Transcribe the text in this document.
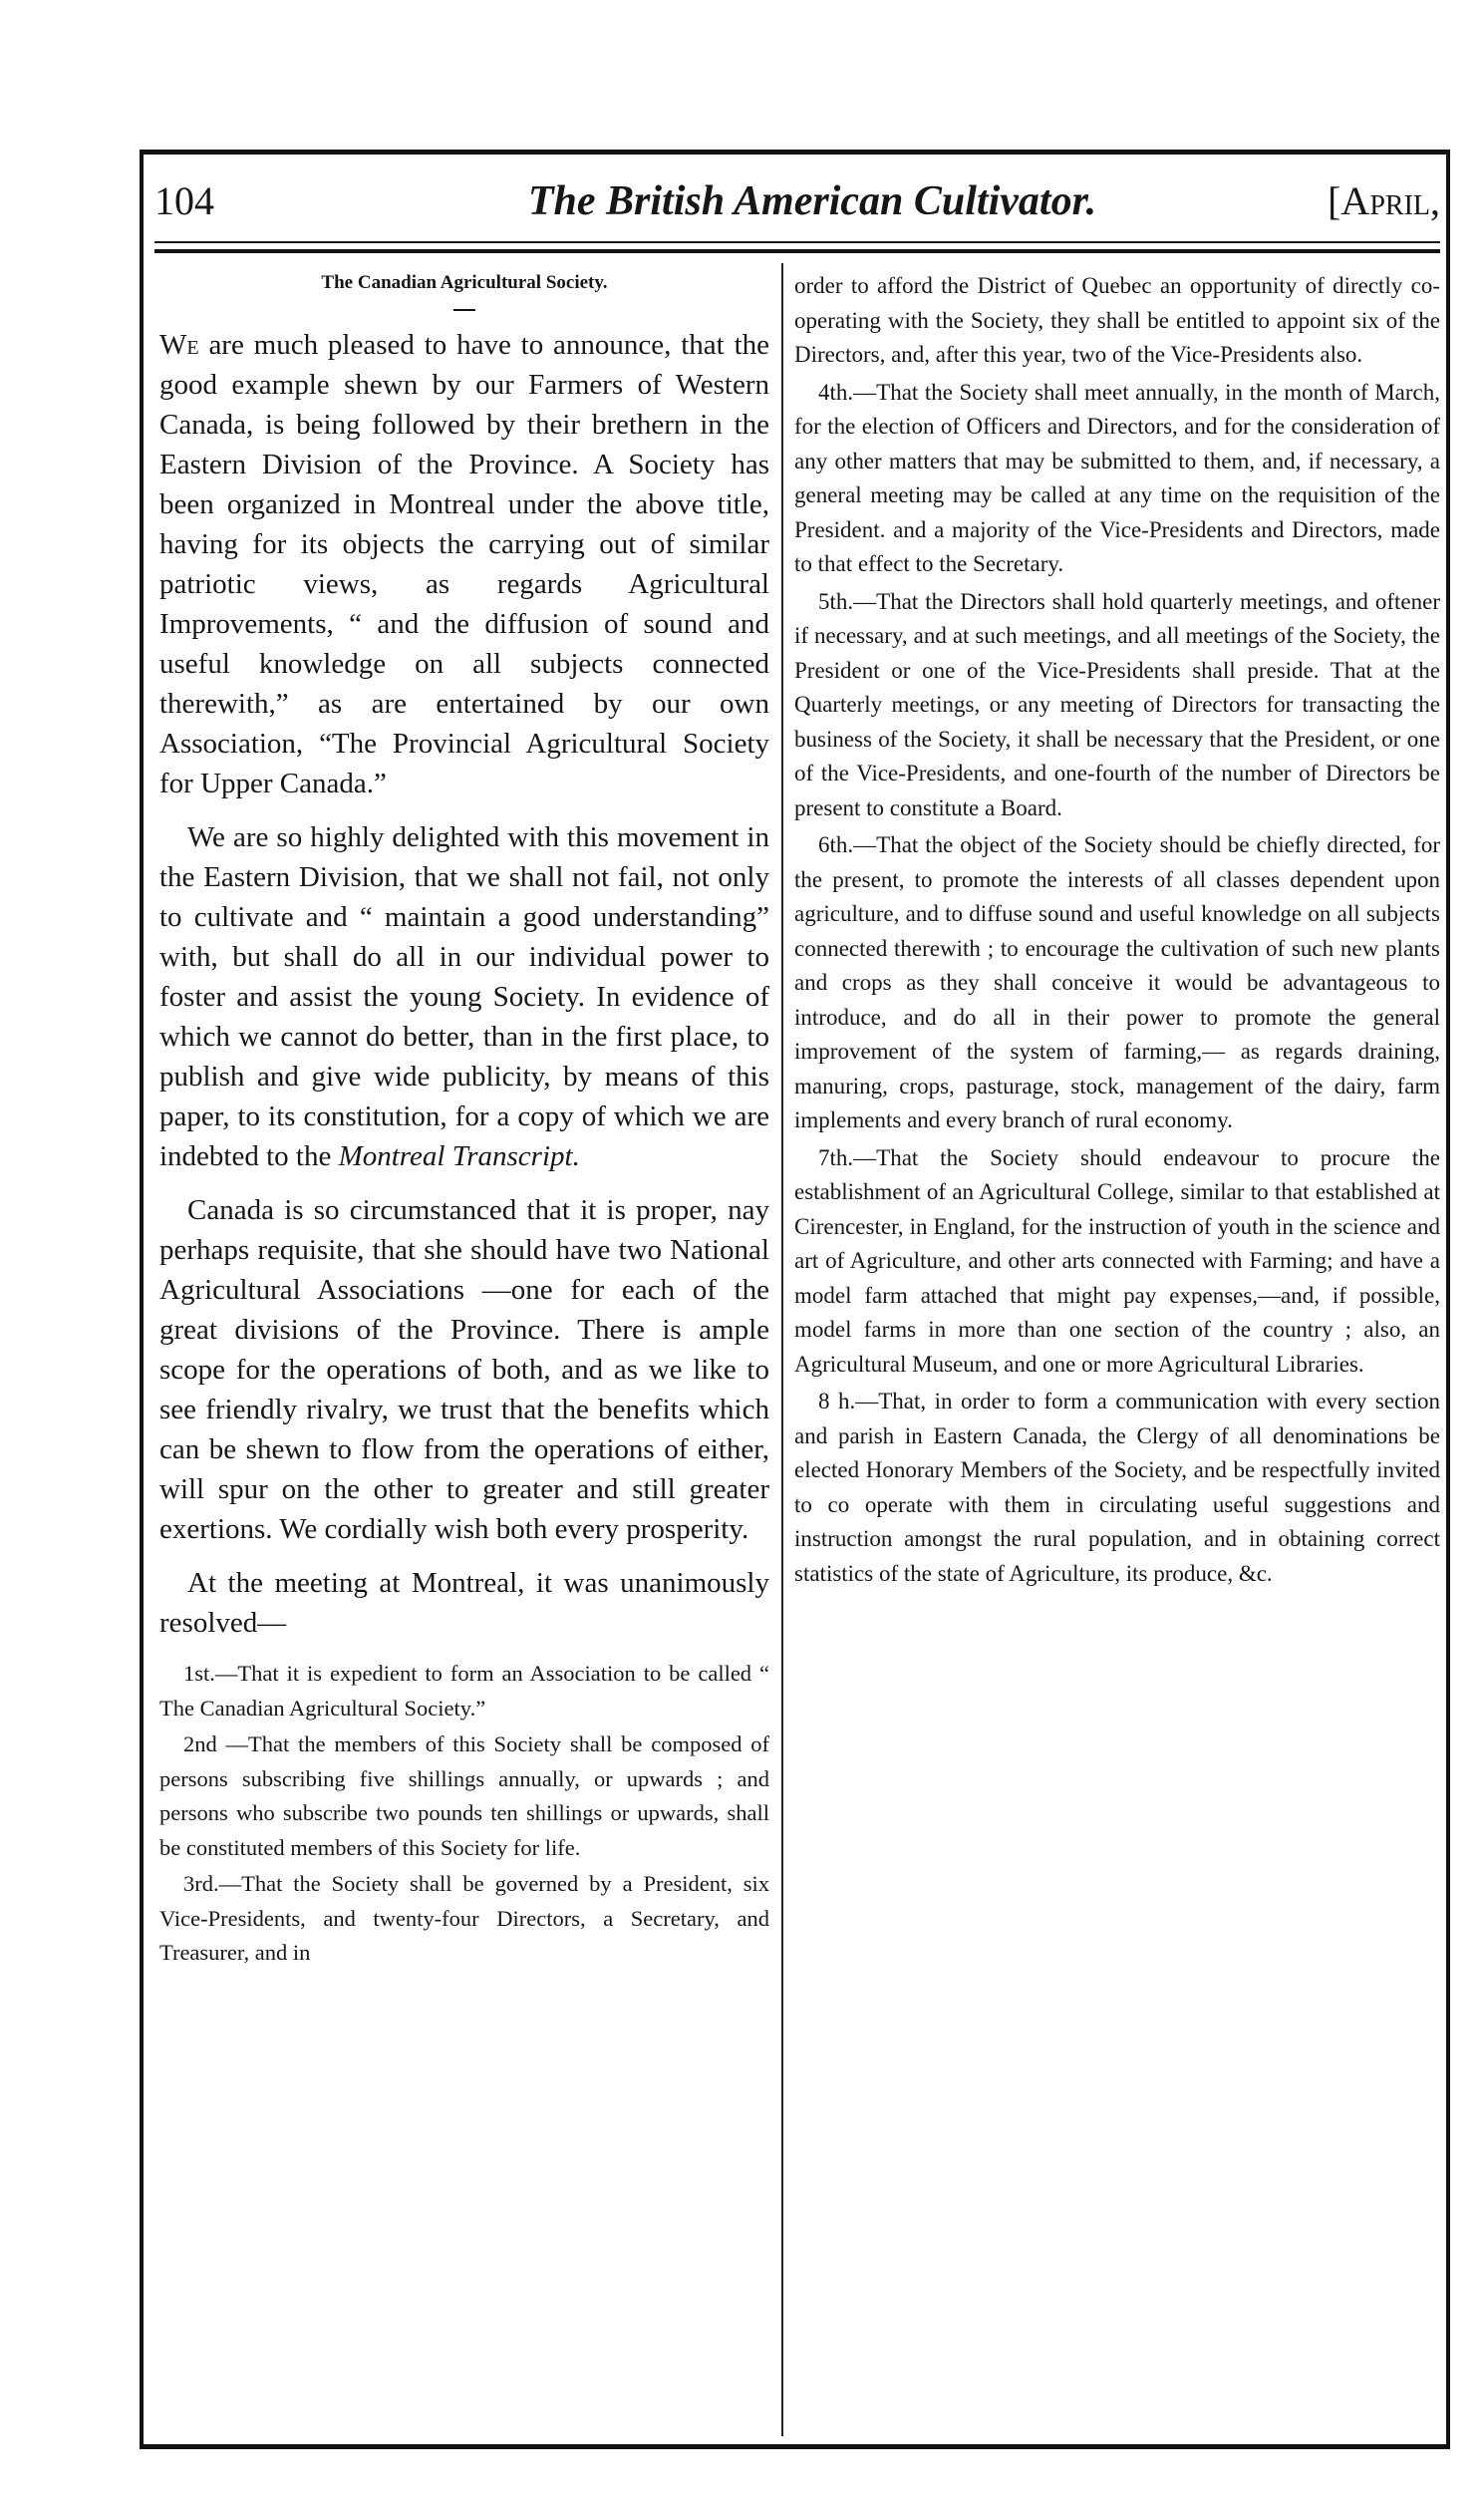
104	The British American Cultivator.	[April,
The Canadian Agricultural Society.

We are much pleased to have to announce, that the good example shewn by our Farmers of Western Canada, is being followed by their brethern in the Eastern Division of the Province. A Society has been organized in Montreal under the above title, having for its objects the carrying out of similar patriotic views, as regards Agricultural Improvements, “ and the diffusion of sound and useful knowledge on all subjects connected therewith,” as are entertained by our own Association, “The Provincial Agricultural Society for Upper Canada.”

We are so highly delighted with this movement in the Eastern Division, that we shall not fail, not only to cultivate and “ maintain a good understanding” with, but shall do all in our individual power to foster and assist the young Society. In evidence of which we cannot do better, than in the first place, to publish and give wide publicity, by means of this paper, to its constitution, for a copy of which we are indebted to the Montreal Transcript.

Canada is so circumstanced that it is proper, nay perhaps requisite, that she should have two National Agricultural Associations —one for each of the great divisions of the Province. There is ample scope for the operations of both, and as we like to see friendly rivalry, we trust that the benefits which can be shewn to flow from the operations of either, will spur on the other to greater and still greater exertions. We cordially wish both every prosperity.

At the meeting at Montreal, it was unanimously resolved—

1st.—That it is expedient to form an Association to be called “ The Canadian Agricultural Society.”

2nd —That the members of this Society shall be composed of persons subscribing five shillings annually, or upwards ; and persons who subscribe two pounds ten shillings or upwards, shall be constituted members of this Society for life.

3rd.—That the Society shall be governed by a President, six Vice-Presidents, and twenty-four Directors, a Secretary, and Treasurer, and in

order to afford the District of Quebec an opportunity of directly co-operating with the Society, they shall be entitled to appoint six of the Directors, and, after this year, two of the Vice-Presidents also.

4th.—That the Society shall meet annually, in the month of March, for the election of Officers and Directors, and for the consideration of any other matters that may be submitted to them, and, if necessary, a general meeting may be called at any time on the requisition of the President. and a majority of the Vice-Presidents and Directors, made to that effect to the Secretary.

5th.—That the Directors shall hold quarterly meetings, and oftener if necessary, and at such meetings, and all meetings of the Society, the President or one of the Vice-Presidents shall preside. That at the Quarterly meetings, or any meeting of Directors for transacting the business of the Society, it shall be necessary that the President, or one of the Vice-Presidents, and one-fourth of the number of Directors be present to constitute a Board.

6th.—That the object of the Society should be chiefly directed, for the present, to promote the interests of all classes dependent upon agriculture, and to diffuse sound and useful knowledge on all subjects connected therewith ; to encourage the cultivation of such new plants and crops as they shall conceive it would be advantageous to introduce, and do all in their power to promote the general improvement of the system of farming,— as regards draining, manuring, crops, pasturage, stock, management of the dairy, farm implements and every branch of rural economy.

7th.—That the Society should endeavour to procure the establishment of an Agricultural College, similar to that established at Cirencester, in England, for the instruction of youth in the science and art of Agriculture, and other arts connected with Farming; and have a model farm attached that might pay expenses,—and, if possible, model farms in more than one section of the country ; also, an Agricultural Museum, and one or more Agricultural Libraries.

8 h.—That, in order to form a communication with every section and parish in Eastern Canada, the Clergy of all denominations be elected Honorary Members of the Society, and be respectfully invited to co operate with them in circulating useful suggestions and instruction amongst the rural population, and in obtaining correct statistics of the state of Agriculture, its produce, &c.
